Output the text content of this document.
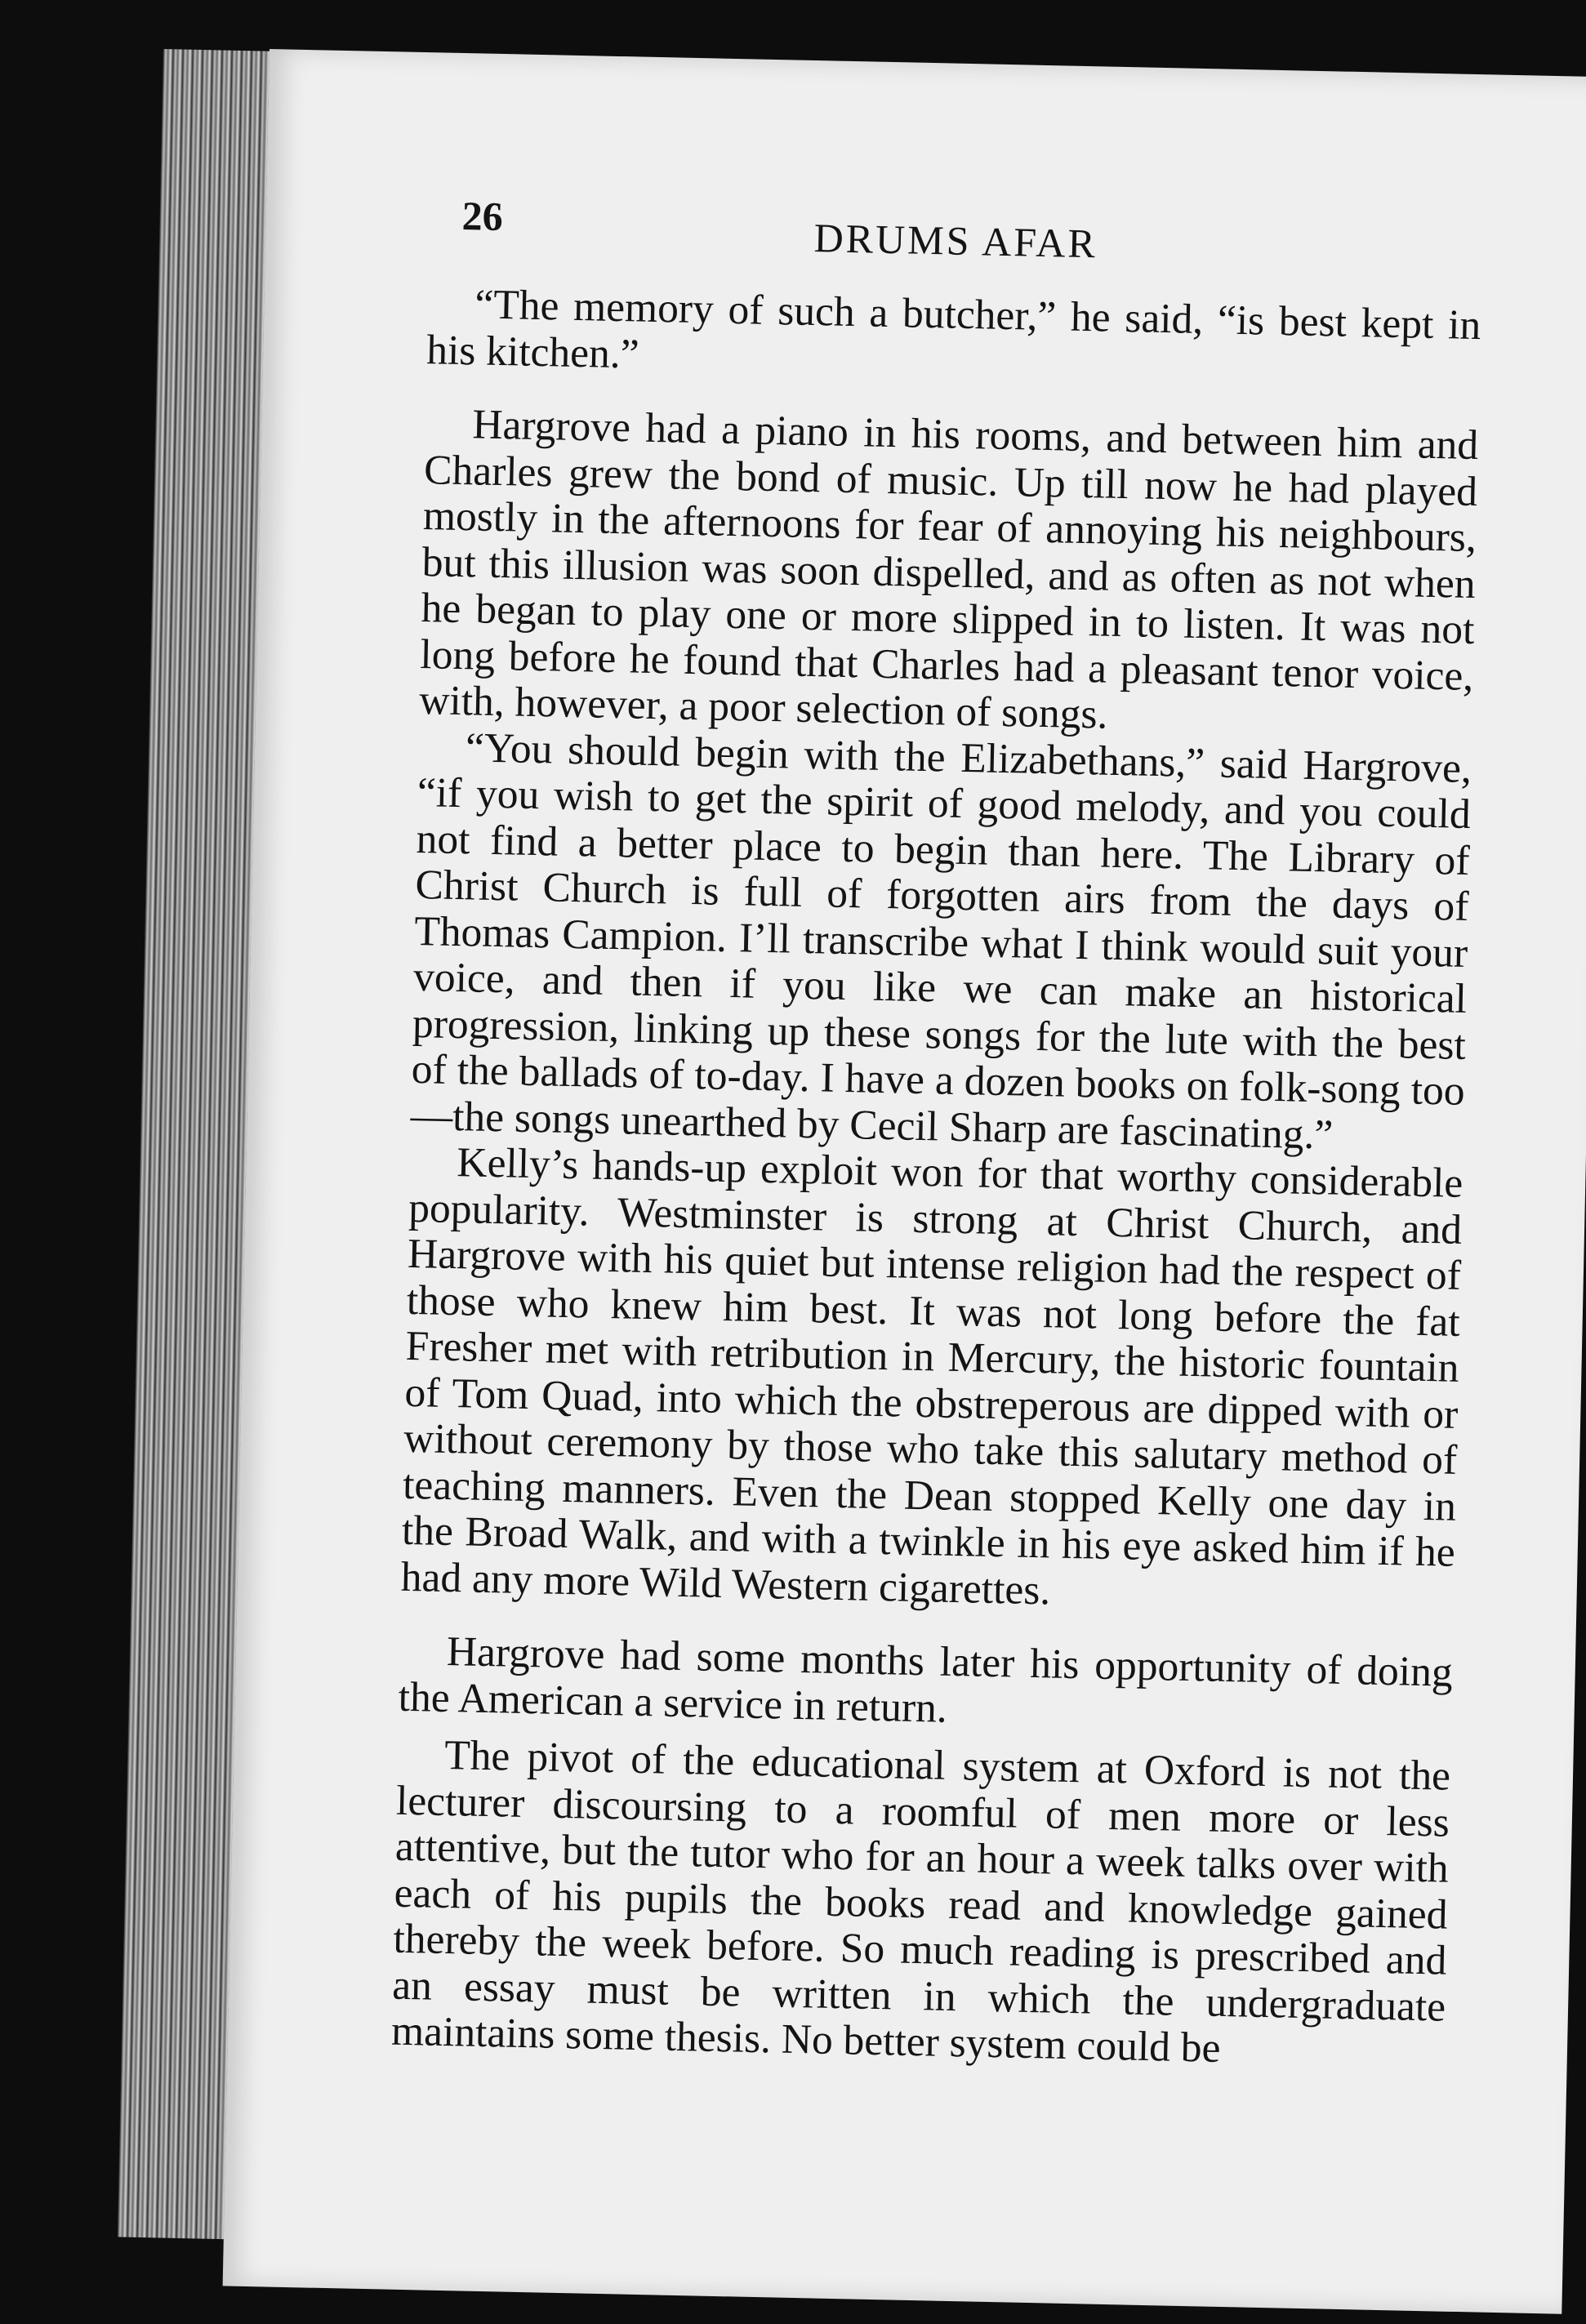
26	DRUMS AFAR

“The memory of such a butcher,” he said, “is best kept in his kitchen.”

Hargrove had a piano in his rooms, and between him and Charles grew the bond of music. Up till now he had played mostly in the afternoons for fear of annoying his neighbours, but this illusion was soon dispelled, and as often as not when he began to play one or more slipped in to listen. It was not long before he found that Charles had a pleasant tenor voice, with, however, a poor selection of songs.

“You should begin with the Elizabethans,” said Hargrove, “if you wish to get the spirit of good melody, and you could not find a better place to begin than here. The Library of Christ Church is full of forgotten airs from the days of Thomas Campion. I’ll transcribe what I think would suit your voice, and then if you like we can make an historical progression, linking up these songs for the lute with the best of the ballads of to-day. I have a dozen books on folk-song too—the songs unearthed by Cecil Sharp are fascinating.”

Kelly’s hands-up exploit won for that worthy considerable popularity. Westminster is strong at Christ Church, and Hargrove with his quiet but intense religion had the respect of those who knew him best. It was not long before the fat Fresher met with retribution in Mercury, the historic fountain of Tom Quad, into which the obstreperous are dipped with or without ceremony by those who take this salutary method of teaching manners. Even the Dean stopped Kelly one day in the Broad Walk, and with a twinkle in his eye asked him if he had any more Wild Western cigarettes.

Hargrove had some months later his opportunity of doing the American a service in return.

The pivot of the educational system at Oxford is not the lecturer discoursing to a roomful of men more or less attentive, but the tutor who for an hour a week talks over with each of his pupils the books read and knowledge gained thereby the week before. So much reading is prescribed and an essay must be written in which the undergraduate maintains some thesis. No better system could be
